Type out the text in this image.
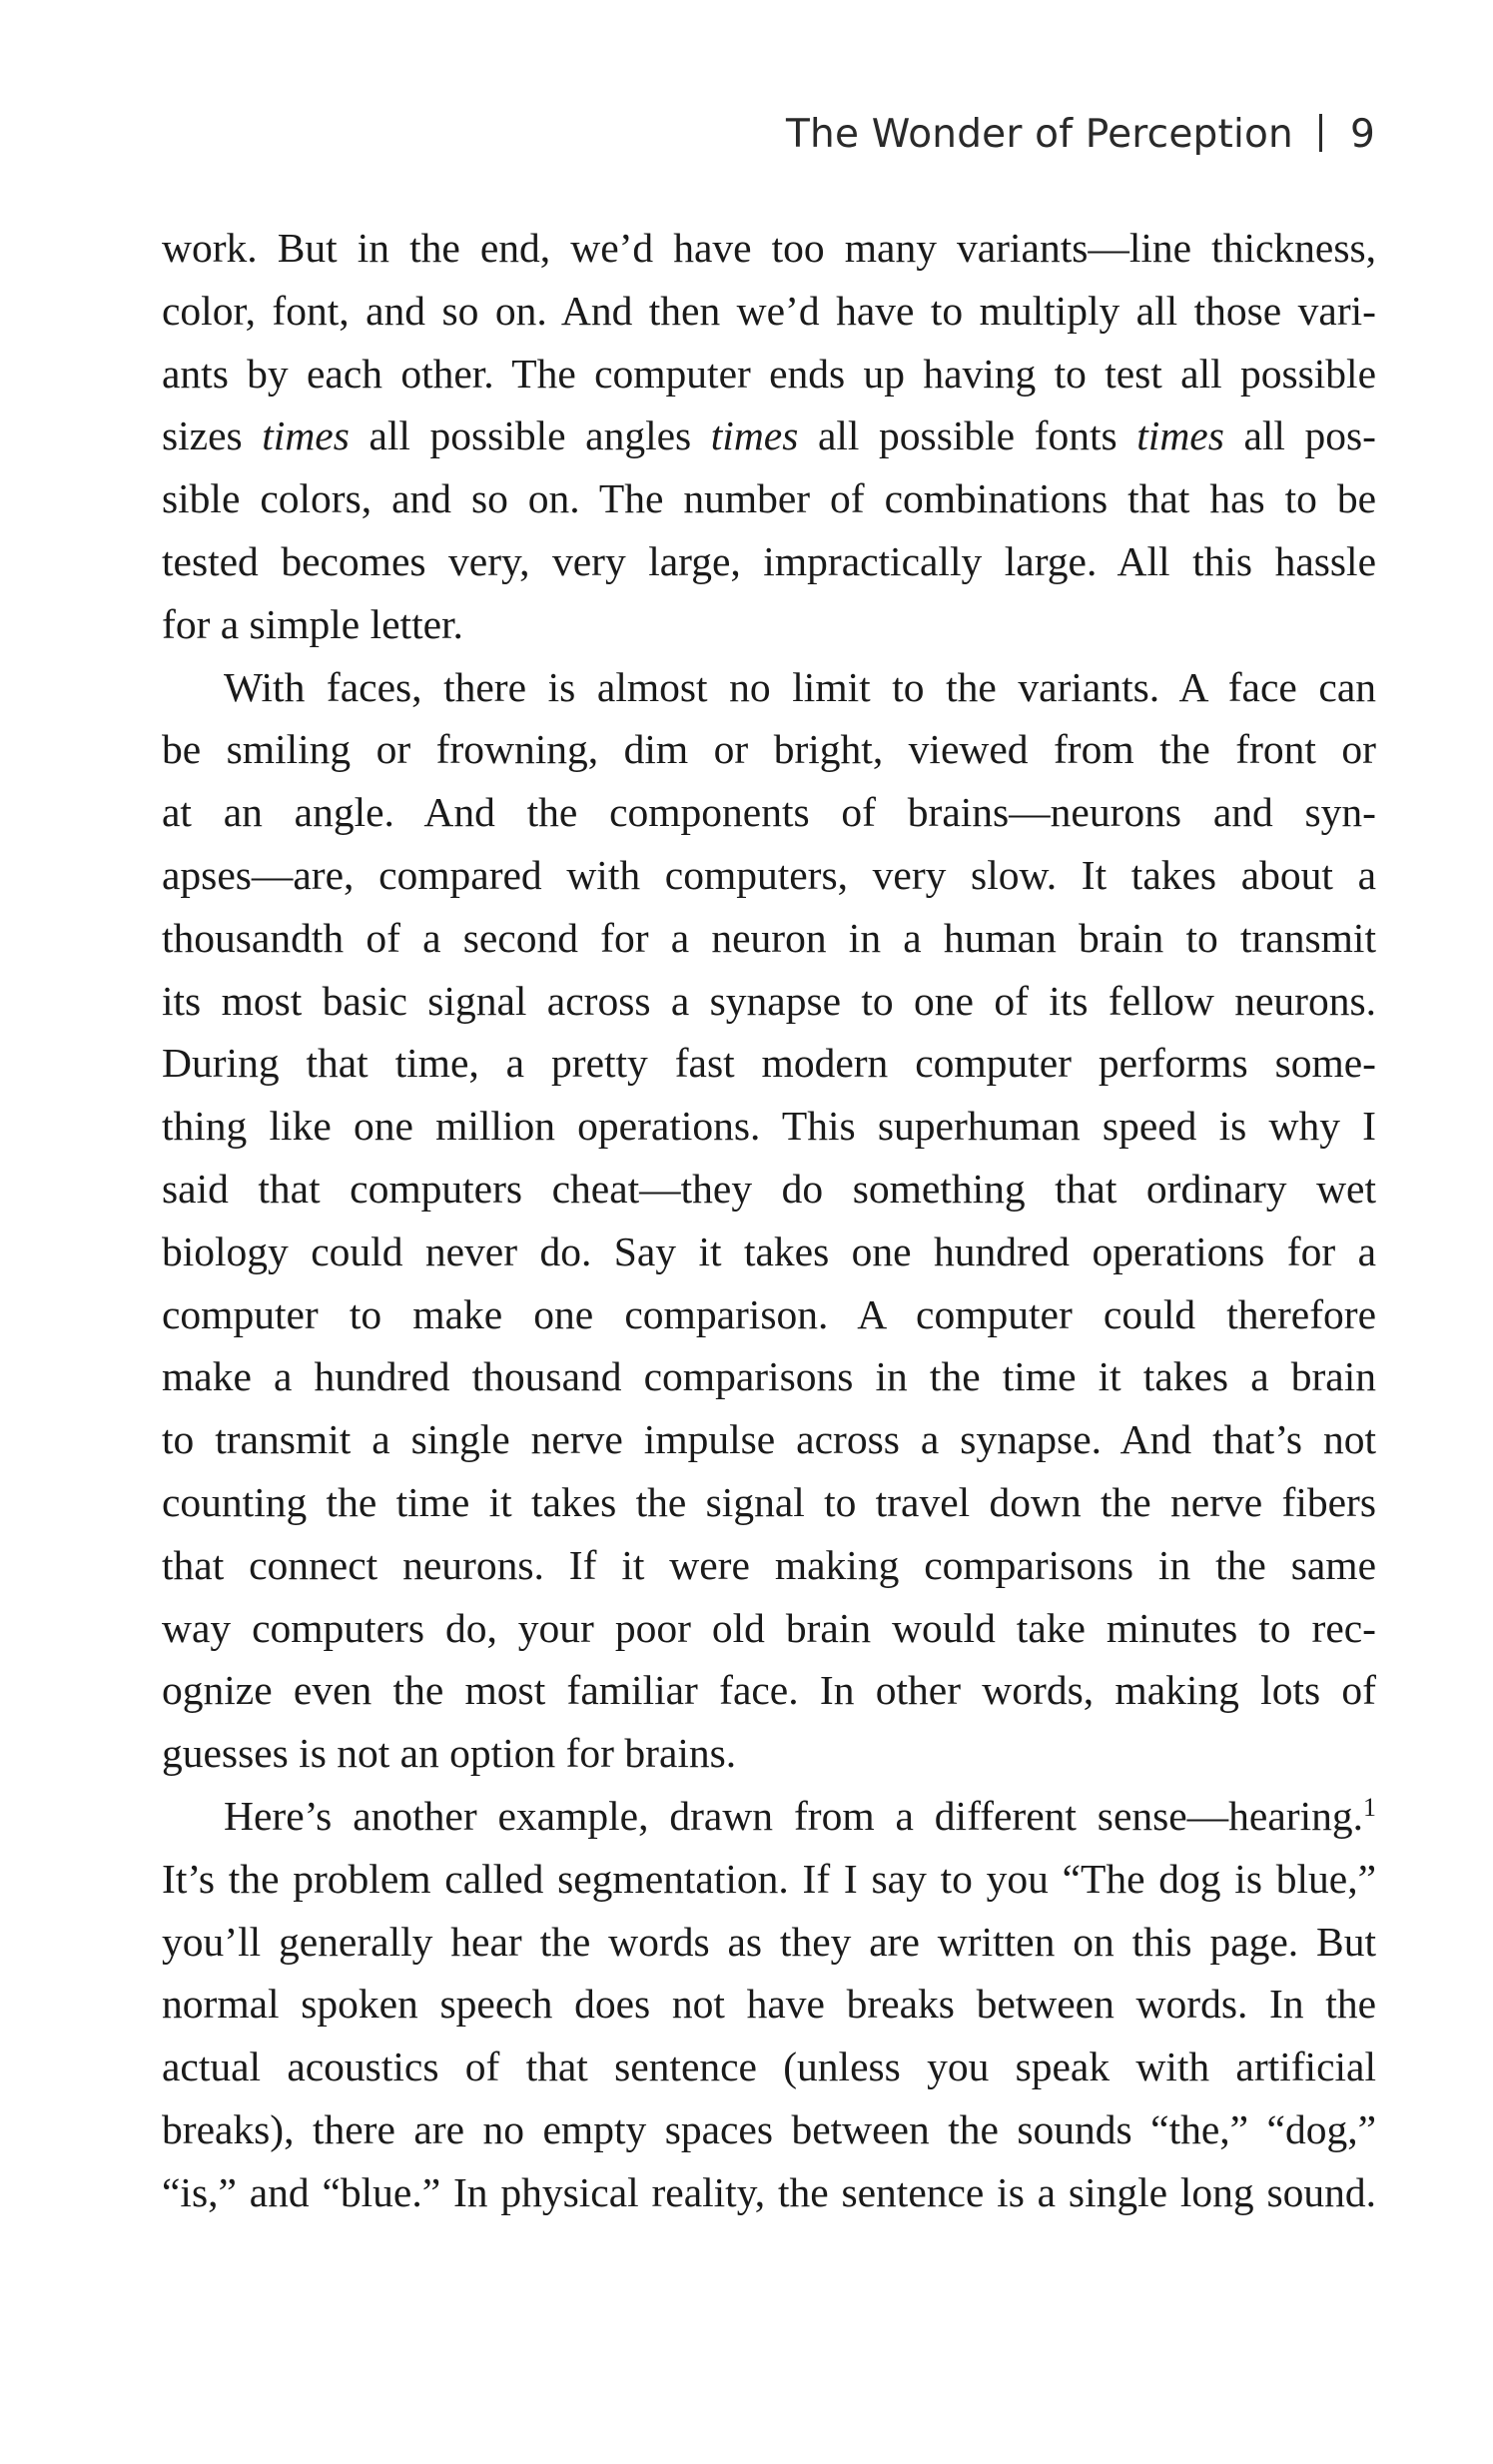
The Wonder of Perception 9
work. But in the end, we’d have too many variants—line thickness,
color, font, and so on. And then we’d have to multiply all those vari-
ants by each other. The computer ends up having to test all possible
sizes times all possible angles times all possible fonts times all pos-
sible colors, and so on. The number of combinations that has to be
tested becomes very, very large, impractically large. All this hassle
for a simple letter.
With faces, there is almost no limit to the variants. A face can
be smiling or frowning, dim or bright, viewed from the front or
at an angle. And the components of brains—neurons and syn-
apses—are, compared with computers, very slow. It takes about a
thousandth of a second for a neuron in a human brain to transmit
its most basic signal across a synapse to one of its fellow neurons.
During that time, a pretty fast modern computer performs some-
thing like one million operations. This superhuman speed is why I
said that computers cheat—they do something that ordinary wet
biology could never do. Say it takes one hundred operations for a
computer to make one comparison. A computer could therefore
make a hundred thousand comparisons in the time it takes a brain
to transmit a single nerve impulse across a synapse. And that’s not
counting the time it takes the signal to travel down the nerve fibers
that connect neurons. If it were making comparisons in the same
way computers do, your poor old brain would take minutes to rec-
ognize even the most familiar face. In other words, making lots of
guesses is not an option for brains.
Here’s another example, drawn from a different sense—hearing.$^1$
It’s the problem called segmentation. If I say to you “The dog is blue,”
you’ll generally hear the words as they are written on this page. But
normal spoken speech does not have breaks between words. In the
actual acoustics of that sentence (unless you speak with artificial
breaks), there are no empty spaces between the sounds “the,” “dog,”
“is,” and “blue.” In physical reality, the sentence is a single long sound.
